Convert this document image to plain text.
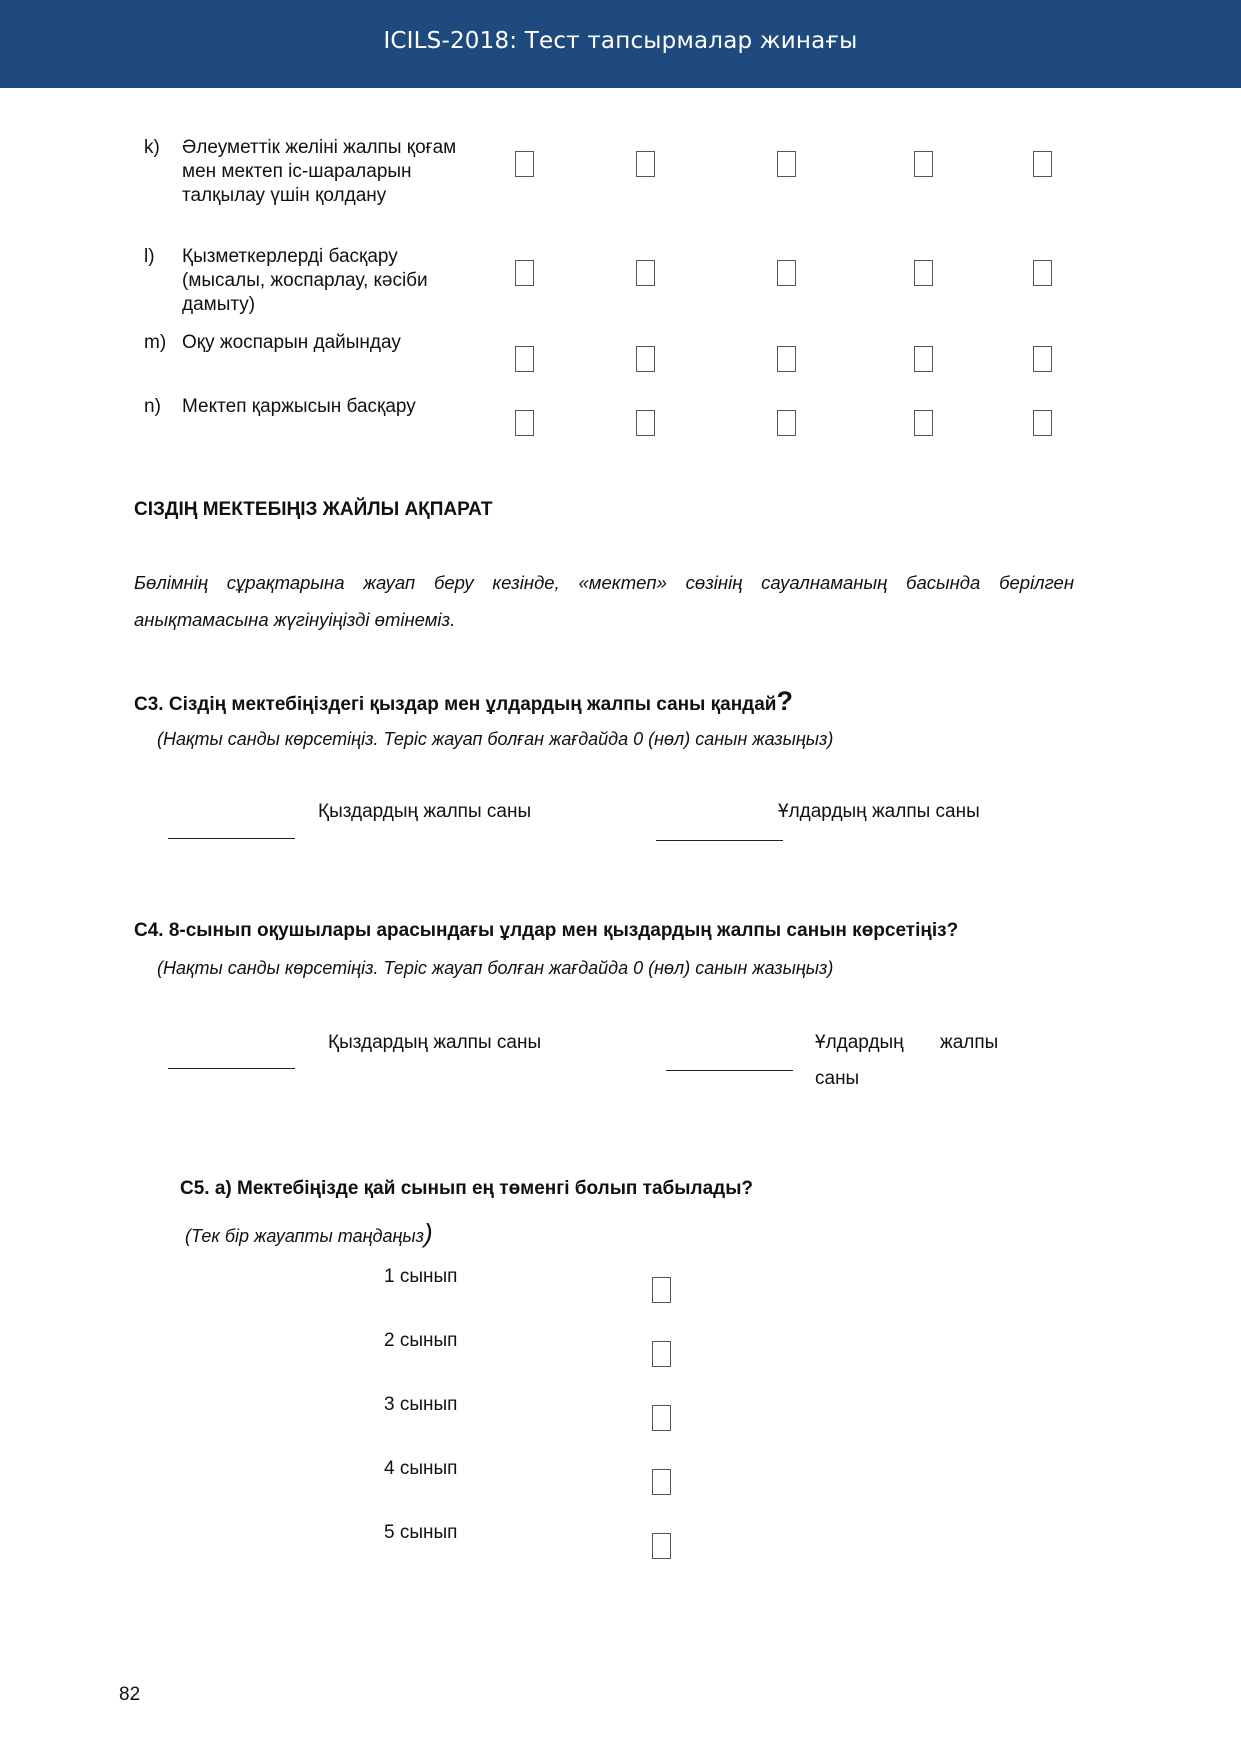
ICILS-2018: Тест тапсырмалар жинағы
k) Әлеуметтік желіні жалпы қоғам мен мектеп іс-шараларын талқылау үшін қолдану
l) Қызметкерлерді басқару (мысалы, жоспарлау, кәсіби дамыту)
m) Оқу жоспарын дайындау
n) Мектеп қаржысын басқару
СІЗДІҢ МЕКТЕБІҢІЗ ЖАЙЛЫ АҚПАРАТ
Бөлімнің сұрақтарына жауап беру кезінде, «мектеп» сөзінің сауалнаманың басында берілген анықтамасына жүгінуіңізді өтінеміз.
С3. Сіздің мектебіңіздегі қыздар мен ұлдардың жалпы саны қандай?
(Нақты санды көрсетіңіз. Теріс жауап болған жағдайда 0 (нөл) санын жазыңыз)
Қыздардың жалпы саны	Ұлдардың жалпы саны
С4. 8-сынып оқушылары арасындағы ұлдар мен қыздардың жалпы санын көрсетіңіз?
(Нақты санды көрсетіңіз. Теріс жауап болған жағдайда 0 (нөл) санын жазыңыз)
Қыздардың жалпы саны	Ұлдардың жалпы
саны
С5. а) Мектебіңізде қай сынып ең төменгі болып табылады?
(Тек бір жауапты таңдаңыз)
1 сынып
2 сынып
3 сынып
4 сынып
5 сынып
82
